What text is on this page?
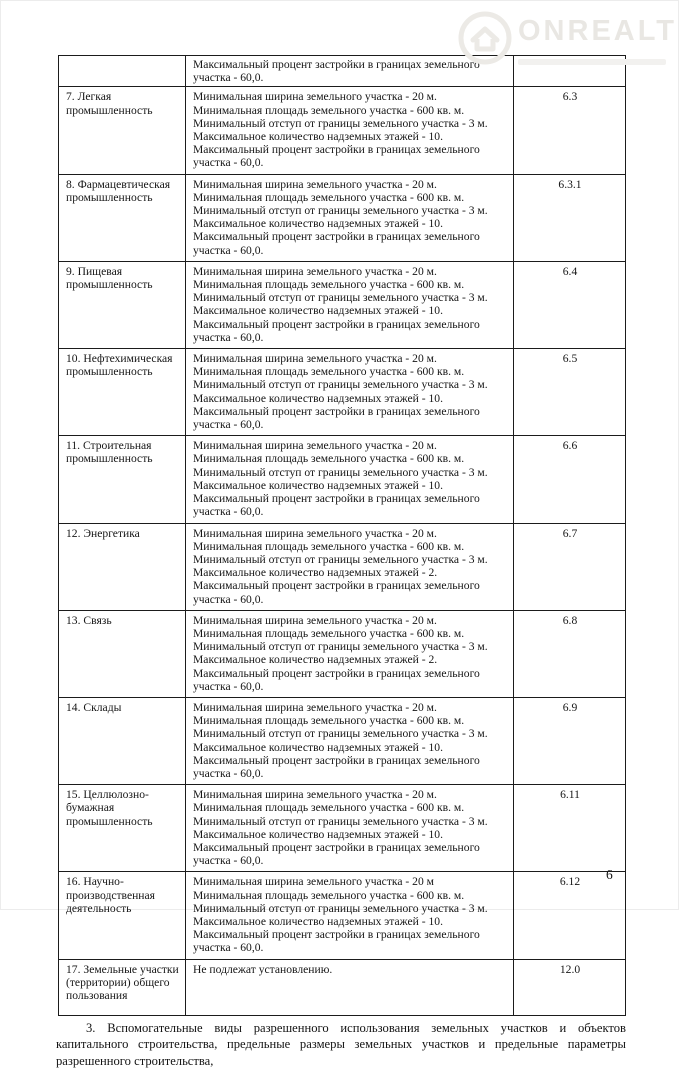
ONREALT

	Максимальный процент застройки в границах земельного участка - 60,0.	

7. Легкая промышленность	Минимальная ширина земельного участка - 20 м.
Минимальная площадь земельного участка - 600 кв. м.
Минимальный отступ от границы земельного участка - 3 м.
Максимальное количество надземных этажей - 10.
Максимальный процент застройки в границах земельного участка - 60,0.	6.3
8. Фармацевтическая промышленность	Минимальная ширина земельного участка - 20 м.
Минимальная площадь земельного участка - 600 кв. м.
Минимальный отступ от границы земельного участка - 3 м.
Максимальное количество надземных этажей - 10.
Максимальный процент застройки в границах земельного участка - 60,0.	6.3.1
9. Пищевая промышленность	Минимальная ширина земельного участка - 20 м.
Минимальная площадь земельного участка - 600 кв. м.
Минимальный отступ от границы земельного участка - 3 м.
Максимальное количество надземных этажей - 10.
Максимальный процент застройки в границах земельного участка - 60,0.	6.4
10. Нефтехимическая промышленность	Минимальная ширина земельного участка - 20 м.
Минимальная площадь земельного участка - 600 кв. м.
Минимальный отступ от границы земельного участка - 3 м.
Максимальное количество надземных этажей - 10.
Максимальный процент застройки в границах земельного участка - 60,0.	6.5
11. Строительная промышленность	Минимальная ширина земельного участка - 20 м.
Минимальная площадь земельного участка - 600 кв. м.
Минимальный отступ от границы земельного участка - 3 м.
Максимальное количество надземных этажей - 10.
Максимальный процент застройки в границах земельного участка - 60,0.	6.6
12. Энергетика	Минимальная ширина земельного участка - 20 м.
Минимальная площадь земельного участка - 600 кв. м.
Минимальный отступ от границы земельного участка - 3 м.
Максимальное количество надземных этажей - 2.
Максимальный процент застройки в границах земельного участка - 60,0.	6.7
13. Связь	Минимальная ширина земельного участка - 20 м.
Минимальная площадь земельного участка - 600 кв. м.
Минимальный отступ от границы земельного участка - 3 м.
Максимальное количество надземных этажей - 2.
Максимальный процент застройки в границах земельного участка - 60,0.	6.8
14. Склады	Минимальная ширина земельного участка - 20 м.
Минимальная площадь земельного участка - 600 кв. м.
Минимальный отступ от границы земельного участка - 3 м.
Максимальное количество надземных этажей - 10.
Максимальный процент застройки в границах земельного участка - 60,0.	6.9
15. Целлюлозно-бумажная промышленность	Минимальная ширина земельного участка - 20 м.
Минимальная площадь земельного участка - 600 кв. м.
Минимальный отступ от границы земельного участка - 3 м.
Максимальное количество надземных этажей - 10.
Максимальный процент застройки в границах земельного участка - 60,0.	6.11
16. Научно-производственная деятельность	Минимальная ширина земельного участка - 20 м
Минимальная площадь земельного участка - 600 кв. м.
Минимальный отступ от границы земельного участка - 3 м.
Максимальное количество надземных этажей - 10.
Максимальный процент застройки в границах земельного участка - 60,0.	6.12
17. Земельные участки (территории) общего пользования	Не подлежат установлению.	12.0

3. Вспомогательные виды разрешенного использования земельных участков и объектов капитального строительства, предельные размеры земельных участков и предельные параметры разрешенного строительства,

6
